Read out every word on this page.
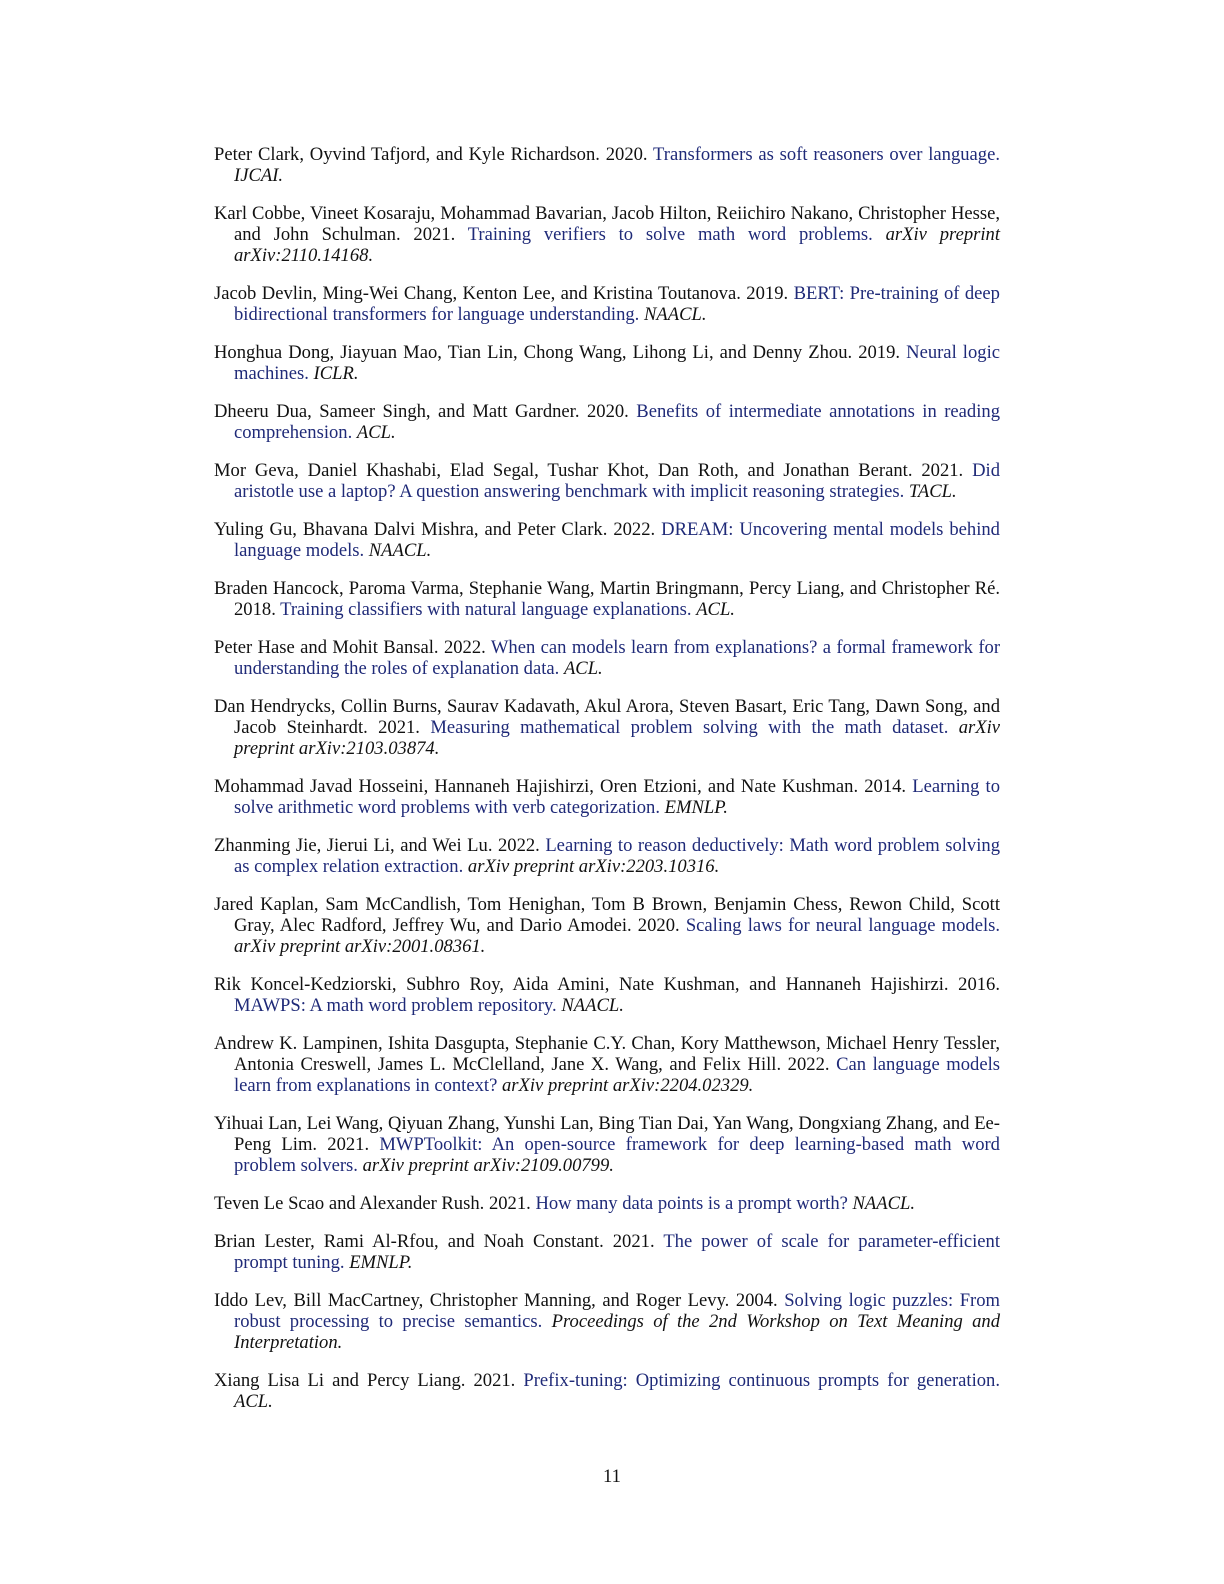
Peter Clark, Oyvind Tafjord, and Kyle Richardson. 2020. Transformers as soft reasoners over language. IJCAI.

Karl Cobbe, Vineet Kosaraju, Mohammad Bavarian, Jacob Hilton, Reiichiro Nakano, Christopher Hesse, and John Schulman. 2021. Training verifiers to solve math word problems. arXiv preprint arXiv:2110.14168.

Jacob Devlin, Ming-Wei Chang, Kenton Lee, and Kristina Toutanova. 2019. BERT: Pre-training of deep bidirectional transformers for language understanding. NAACL.

Honghua Dong, Jiayuan Mao, Tian Lin, Chong Wang, Lihong Li, and Denny Zhou. 2019. Neural logic machines. ICLR.

Dheeru Dua, Sameer Singh, and Matt Gardner. 2020. Benefits of intermediate annotations in reading comprehension. ACL.

Mor Geva, Daniel Khashabi, Elad Segal, Tushar Khot, Dan Roth, and Jonathan Berant. 2021. Did aristotle use a laptop? A question answering benchmark with implicit reasoning strategies. TACL.

Yuling Gu, Bhavana Dalvi Mishra, and Peter Clark. 2022. DREAM: Uncovering mental models behind language models. NAACL.

Braden Hancock, Paroma Varma, Stephanie Wang, Martin Bringmann, Percy Liang, and Christopher Ré. 2018. Training classifiers with natural language explanations. ACL.

Peter Hase and Mohit Bansal. 2022. When can models learn from explanations? a formal framework for understanding the roles of explanation data. ACL.

Dan Hendrycks, Collin Burns, Saurav Kadavath, Akul Arora, Steven Basart, Eric Tang, Dawn Song, and Jacob Steinhardt. 2021. Measuring mathematical problem solving with the math dataset. arXiv preprint arXiv:2103.03874.

Mohammad Javad Hosseini, Hannaneh Hajishirzi, Oren Etzioni, and Nate Kushman. 2014. Learning to solve arithmetic word problems with verb categorization. EMNLP.

Zhanming Jie, Jierui Li, and Wei Lu. 2022. Learning to reason deductively: Math word problem solving as complex relation extraction. arXiv preprint arXiv:2203.10316.

Jared Kaplan, Sam McCandlish, Tom Henighan, Tom B Brown, Benjamin Chess, Rewon Child, Scott Gray, Alec Radford, Jeffrey Wu, and Dario Amodei. 2020. Scaling laws for neural language models. arXiv preprint arXiv:2001.08361.

Rik Koncel-Kedziorski, Subhro Roy, Aida Amini, Nate Kushman, and Hannaneh Hajishirzi. 2016. MAWPS: A math word problem repository. NAACL.

Andrew K. Lampinen, Ishita Dasgupta, Stephanie C.Y. Chan, Kory Matthewson, Michael Henry Tessler, Antonia Creswell, James L. McClelland, Jane X. Wang, and Felix Hill. 2022. Can language models learn from explanations in context? arXiv preprint arXiv:2204.02329.

Yihuai Lan, Lei Wang, Qiyuan Zhang, Yunshi Lan, Bing Tian Dai, Yan Wang, Dongxiang Zhang, and Ee-Peng Lim. 2021. MWPToolkit: An open-source framework for deep learning-based math word problem solvers. arXiv preprint arXiv:2109.00799.

Teven Le Scao and Alexander Rush. 2021. How many data points is a prompt worth? NAACL.

Brian Lester, Rami Al-Rfou, and Noah Constant. 2021. The power of scale for parameter-efficient prompt tuning. EMNLP.

Iddo Lev, Bill MacCartney, Christopher Manning, and Roger Levy. 2004. Solving logic puzzles: From robust processing to precise semantics. Proceedings of the 2nd Workshop on Text Meaning and Interpretation.

Xiang Lisa Li and Percy Liang. 2021. Prefix-tuning: Optimizing continuous prompts for generation. ACL.

11
